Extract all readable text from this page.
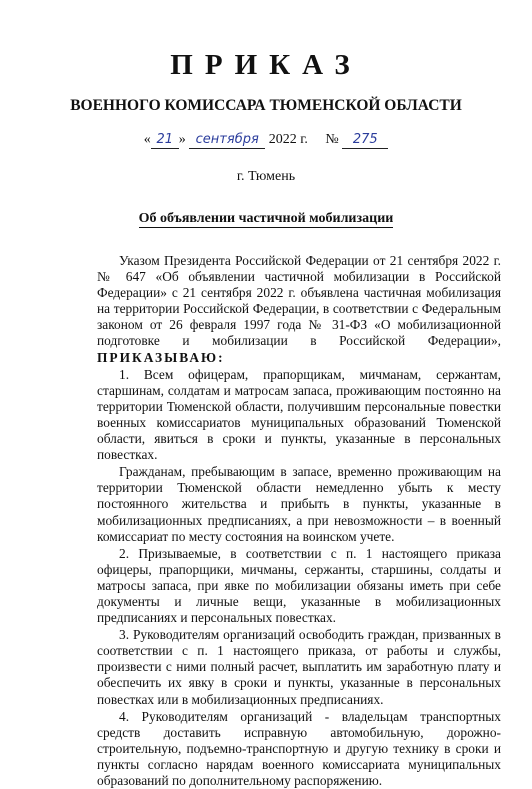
ПРИКАЗ
ВОЕННОГО КОМИССАРА ТЮМЕНСКОЙ ОБЛАСТИ
« 21 » сентября 2022 г. № 275
г. Тюмень
Об объявлении частичной мобилизации

Указом Президента Российской Федерации от 21 сентября 2022 г. № 647 «Об объявлении частичной мобилизации в Российской Федерации» с 21 сентября 2022 г. объявлена частичная мобилизация на территории Российской Федерации, в соответствии с Федеральным законом от 26 февраля 1997 года № 31-ФЗ «О мобилизационной подготовке и мобилизации в Российской Федерации», ПРИКАЗЫВАЮ:

1. Всем офицерам, прапорщикам, мичманам, сержантам, старшинам, солдатам и матросам запаса, проживающим постоянно на территории Тюменской области, получившим персональные повестки военных комиссариатов муниципальных образований Тюменской области, явиться в сроки и пункты, указанные в персональных повестках.

Гражданам, пребывающим в запасе, временно проживающим на территории Тюменской области немедленно убыть к месту постоянного жительства и прибыть в пункты, указанные в мобилизационных предписаниях, а при невозможности – в военный комиссариат по месту состояния на воинском учете.

2. Призываемые, в соответствии с п. 1 настоящего приказа офицеры, прапорщики, мичманы, сержанты, старшины, солдаты и матросы запаса, при явке по мобилизации обязаны иметь при себе документы и личные вещи, указанные в мобилизационных предписаниях и персональных повестках.

3. Руководителям организаций освободить граждан, призванных в соответствии с п. 1 настоящего приказа, от работы и службы, произвести с ними полный расчет, выплатить им заработную плату и обеспечить их явку в сроки и пункты, указанные в персональных повестках или в мобилизационных предписаниях.

4. Руководителям организаций - владельцам транспортных средств доставить исправную автомобильную, дорожно-строительную, подъемно-транспортную и другую технику в сроки и пункты согласно нарядам военного комиссариата муниципальных образований по дополнительному распоряжению.
